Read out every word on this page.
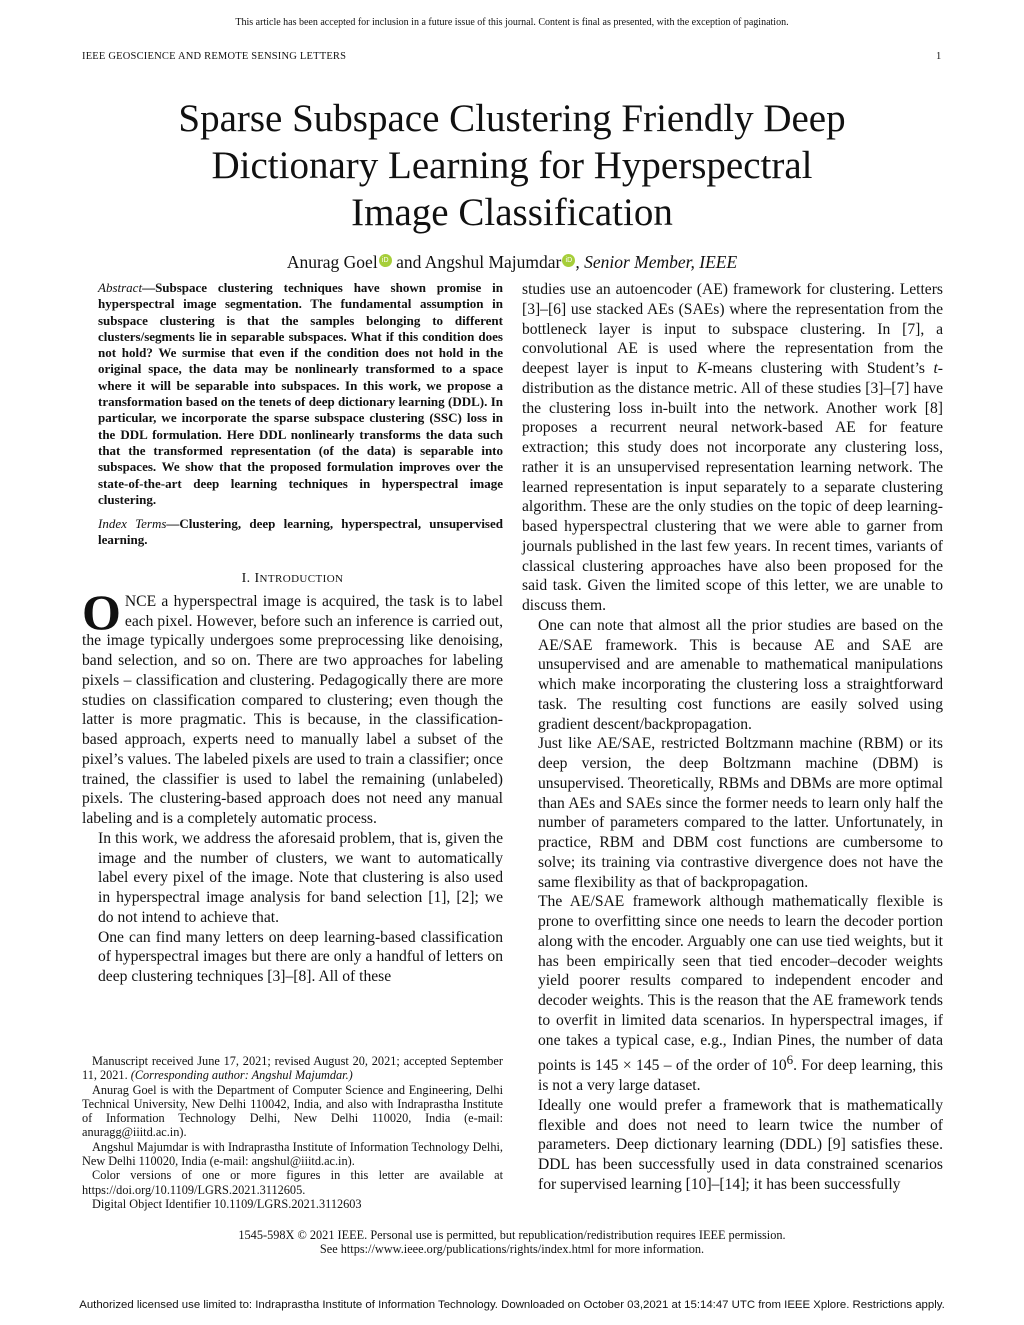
This article has been accepted for inclusion in a future issue of this journal. Content is final as presented, with the exception of pagination.
IEEE GEOSCIENCE AND REMOTE SENSING LETTERS	1
Sparse Subspace Clustering Friendly Deep
Dictionary Learning for Hyperspectral
Image Classification
Anurag Goel iD and Angshul Majumdar iD , Senior Member, IEEE

Abstract—Subspace clustering techniques have shown promise in hyperspectral image segmentation. The fundamental assumption in subspace clustering is that the samples belonging to different clusters/segments lie in separable subspaces. What if this condition does not hold? We surmise that even if the condition does not hold in the original space, the data may be nonlinearly transformed to a space where it will be separable into subspaces. In this work, we propose a transformation based on the tenets of deep dictionary learning (DDL). In particular, we incorporate the sparse subspace clustering (SSC) loss in the DDL formulation. Here DDL nonlinearly transforms the data such that the transformed representation (of the data) is separable into subspaces. We show that the proposed formulation improves over the state-of-the-art deep learning techniques in hyperspectral image clustering.

Index Terms—Clustering, deep learning, hyperspectral, unsupervised learning.

I. INTRODUCTION

ONCE a hyperspectral image is acquired, the task is to label each pixel. However, before such an inference is carried out, the image typically undergoes some preprocessing like denoising, band selection, and so on. There are two approaches for labeling pixels – classification and clustering. Pedagogically there are more studies on classification compared to clustering; even though the latter is more pragmatic. This is because, in the classification-based approach, experts need to manually label a subset of the pixel’s values. The labeled pixels are used to train a classifier; once trained, the classifier is used to label the remaining (unlabeled) pixels. The clustering-based approach does not need any manual labeling and is a completely automatic process.

In this work, we address the aforesaid problem, that is, given the image and the number of clusters, we want to automatically label every pixel of the image. Note that clustering is also used in hyperspectral image analysis for band selection [1], [2]; we do not intend to achieve that.

One can find many letters on deep learning-based classification of hyperspectral images but there are only a handful of letters on deep clustering techniques [3]–[8]. All of these

Manuscript received June 17, 2021; revised August 20, 2021; accepted September 11, 2021. (Corresponding author: Angshul Majumdar.)

Anurag Goel is with the Department of Computer Science and Engineering, Delhi Technical University, New Delhi 110042, India, and also with Indraprastha Institute of Information Technology Delhi, New Delhi 110020, India (e-mail: anuragg@iiitd.ac.in).

Angshul Majumdar is with Indraprastha Institute of Information Technology Delhi, New Delhi 110020, India (e-mail: angshul@iiitd.ac.in).

Color versions of one or more figures in this letter are available at https://doi.org/10.1109/LGRS.2021.3112605.

Digital Object Identifier 10.1109/LGRS.2021.3112603

studies use an autoencoder (AE) framework for clustering. Letters [3]–[6] use stacked AEs (SAEs) where the representation from the bottleneck layer is input to subspace clustering. In [7], a convolutional AE is used where the representation from the deepest layer is input to K-means clustering with Student’s t-distribution as the distance metric. All of these studies [3]–[7] have the clustering loss in-built into the network. Another work [8] proposes a recurrent neural network-based AE for feature extraction; this study does not incorporate any clustering loss, rather it is an unsupervised representation learning network. The learned representation is input separately to a separate clustering algorithm. These are the only studies on the topic of deep learning-based hyperspectral clustering that we were able to garner from journals published in the last few years. In recent times, variants of classical clustering approaches have also been proposed for the said task. Given the limited scope of this letter, we are unable to discuss them.

One can note that almost all the prior studies are based on the AE/SAE framework. This is because AE and SAE are unsupervised and are amenable to mathematical manipulations which make incorporating the clustering loss a straightforward task. The resulting cost functions are easily solved using gradient descent/backpropagation.

Just like AE/SAE, restricted Boltzmann machine (RBM) or its deep version, the deep Boltzmann machine (DBM) is unsupervised. Theoretically, RBMs and DBMs are more optimal than AEs and SAEs since the former needs to learn only half the number of parameters compared to the latter. Unfortunately, in practice, RBM and DBM cost functions are cumbersome to solve; its training via contrastive divergence does not have the same flexibility as that of backpropagation.

The AE/SAE framework although mathematically flexible is prone to overfitting since one needs to learn the decoder portion along with the encoder. Arguably one can use tied weights, but it has been empirically seen that tied encoder–decoder weights yield poorer results compared to independent encoder and decoder weights. This is the reason that the AE framework tends to overfit in limited data scenarios. In hyperspectral images, if one takes a typical case, e.g., Indian Pines, the number of data points is 145 × 145 – of the order of $10^6$. For deep learning, this is not a very large dataset.

Ideally one would prefer a framework that is mathematically flexible and does not need to learn twice the number of parameters. Deep dictionary learning (DDL) [9] satisfies these. DDL has been successfully used in data constrained scenarios for supervised learning [10]–[14]; it has been successfully

1545-598X © 2021 IEEE. Personal use is permitted, but republication/redistribution requires IEEE permission.
See https://www.ieee.org/publications/rights/index.html for more information.
Authorized licensed use limited to: Indraprastha Institute of Information Technology. Downloaded on October 03,2021 at 15:14:47 UTC from IEEE Xplore. Restrictions apply.
